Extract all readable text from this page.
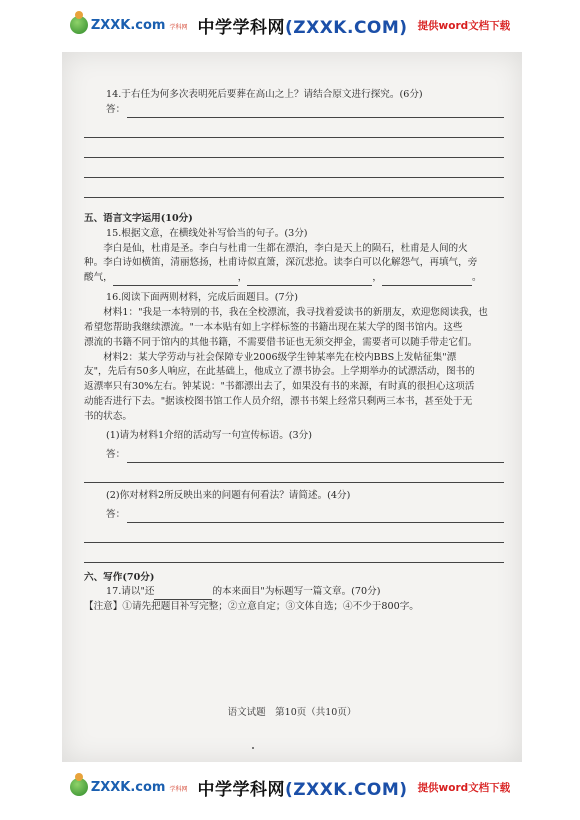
ZXXK.com 学科网 中学学科网(ZXXK.COM) 提供word文档下载

14.于右任为何多次表明死后要葬在高山之上？请结合原文进行探究。(6分)

答：

五、语言文字运用(10分)

15.根据文意，在横线处补写恰当的句子。(3分)

李白是仙，杜甫是圣。李白与杜甫一生都在漂泊，李白是天上的陨石，杜甫是人间的火

种。李白诗如横笛，清丽悠扬，杜甫诗似直箫，深沉悲抢。读李白可以化解怨气，再填气，旁

酸气，	，	，	。

16.阅读下面两则材料，完成后面题目。(7分)

材料1："我是一本特别的书，我在全校漂流，我寻找着爱读书的新朋友，欢迎您阅读我，也

希望您帮助我继续漂流。"一本本贴有如上字样标签的书籍出现在某大学的图书馆内。这些

漂流的书籍不同于馆内的其他书籍，不需要借书证也无须交押金，需要者可以随手带走它们。

材料2：某大学劳动与社会保障专业2006级学生钟某率先在校内BBS上发帖征集"漂

友"，先后有50多人响应，在此基础上，他成立了漂书协会。上学期举办的试漂活动，图书的

返漂率只有30%左右。钟某说："书都漂出去了，如果没有书的来源，有时真的很担心这项活

动能否进行下去。"据该校图书馆工作人员介绍，漂书书架上经常只剩两三本书，甚至处于无

书的状态。

(1)请为材料1介绍的活动写一句宣传标语。(3分)

答：

(2)你对材料2所反映出来的问题有何看法？请简述。(4分)

答：

六、写作(70分)

17.请以"还	的本来面目"为标题写一篇文章。(70分)

【注意】①请先把题目补写完整；②立意自定；③文体自选；④不少于800字。

语文试题　第10页（共10页）
ZXXK.com 学科网 中学学科网(ZXXK.COM) 提供word文档下载
